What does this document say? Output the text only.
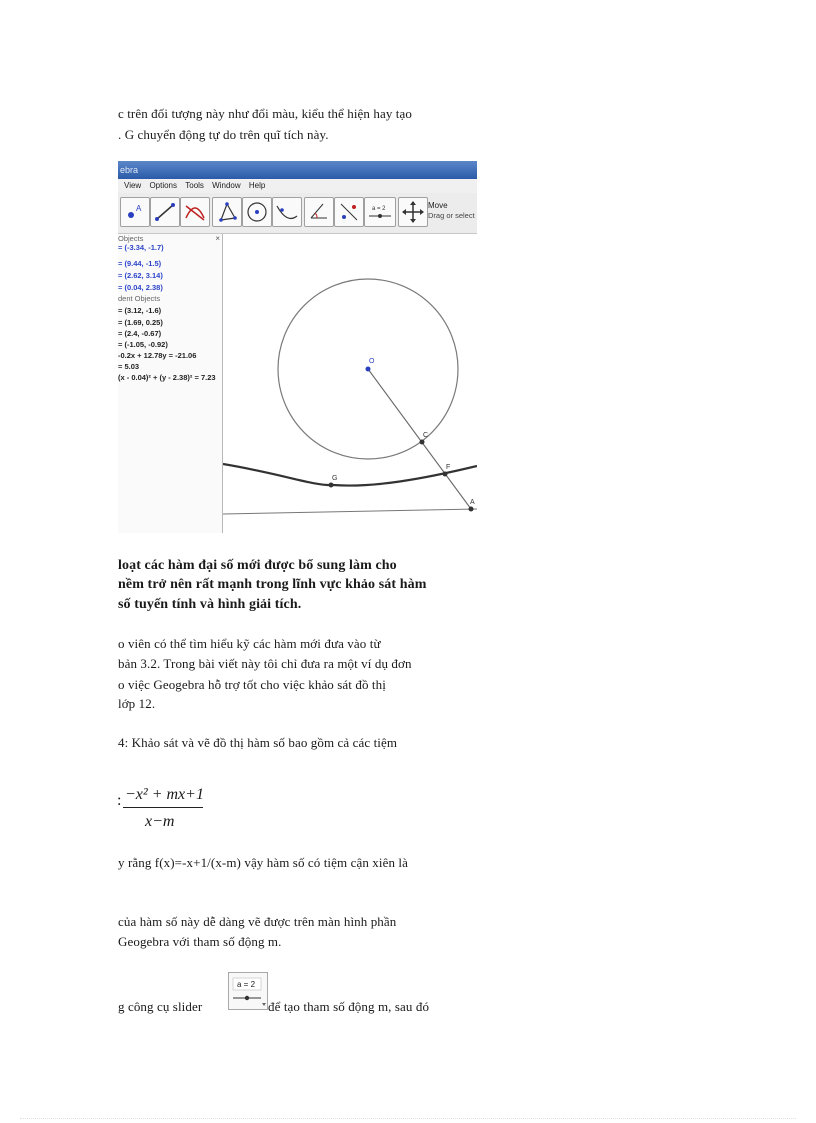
c trên đối tượng này như đổi màu, kiểu thể hiện hay tạo
. G chuyển động tự do trên quĩ tích này.
ebra
View Options Tools Window Help
A	a = 2	Move
Drag or select
Objects
= (-3.34, -1.7)
= (9.44, -1.5)
= (2.62, 3.14)
= (0.04, 2.38)
dent Objects
= (3.12, -1.6)
= (1.69, 0.25)
= (2.4, -0.67)
= (-1.05, -0.92)
-0.2x + 12.78y = -21.06
= 5.03
(x - 0.04)² + (y - 2.38)² = 7.23
×
O
C
F
G
A
loạt các hàm đại số mới được bổ sung làm cho
nềm trở nên rất mạnh trong lĩnh vực khảo sát hàm
số tuyến tính và hình giải tích.
o viên có thể tìm hiểu kỹ các hàm mới đưa vào từ
bản 3.2. Trong bài viết này tôi chỉ đưa ra một ví dụ đơn
o việc Geogebra hỗ trợ tốt cho việc khảo sát đồ thị
lớp 12.
4: Khảo sát và vẽ đồ thị hàm số bao gồm cả các tiệm
: −x² + mx+1
x−m
y rằng f(x)=-x+1/(x-m) vậy hàm số có tiệm cận xiên là
của hàm số này dễ dàng vẽ được trên màn hình phần
Geogebra với tham số động m.
g công cụ slider
a = 2
để tạo tham số động m, sau đó
